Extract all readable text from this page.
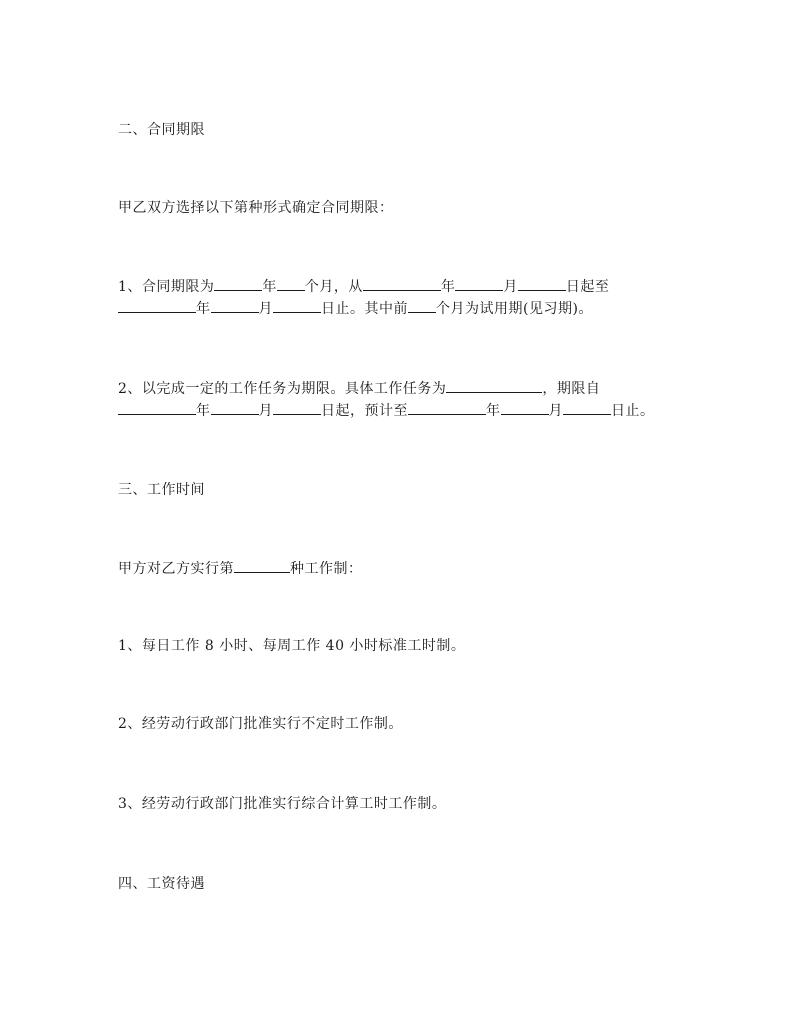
二、合同期限

甲乙双方选择以下第种形式确定合同期限：

1、合同期限为	年 个月，从	年	月	日起至

年	月	日止。其中前 个月为试用期(见习期)。

2、以完成一定的工作任务为期限。具体工作任务为	，期限自

年	月	日起，预计至	年	月	日止。

三、工作时间

甲方对乙方实行第	种工作制：

1、每日工作 8 小时、每周工作 40 小时标准工时制。

2、经劳动行政部门批准实行不定时工作制。

3、经劳动行政部门批准实行综合计算工时工作制。

四、工资待遇
